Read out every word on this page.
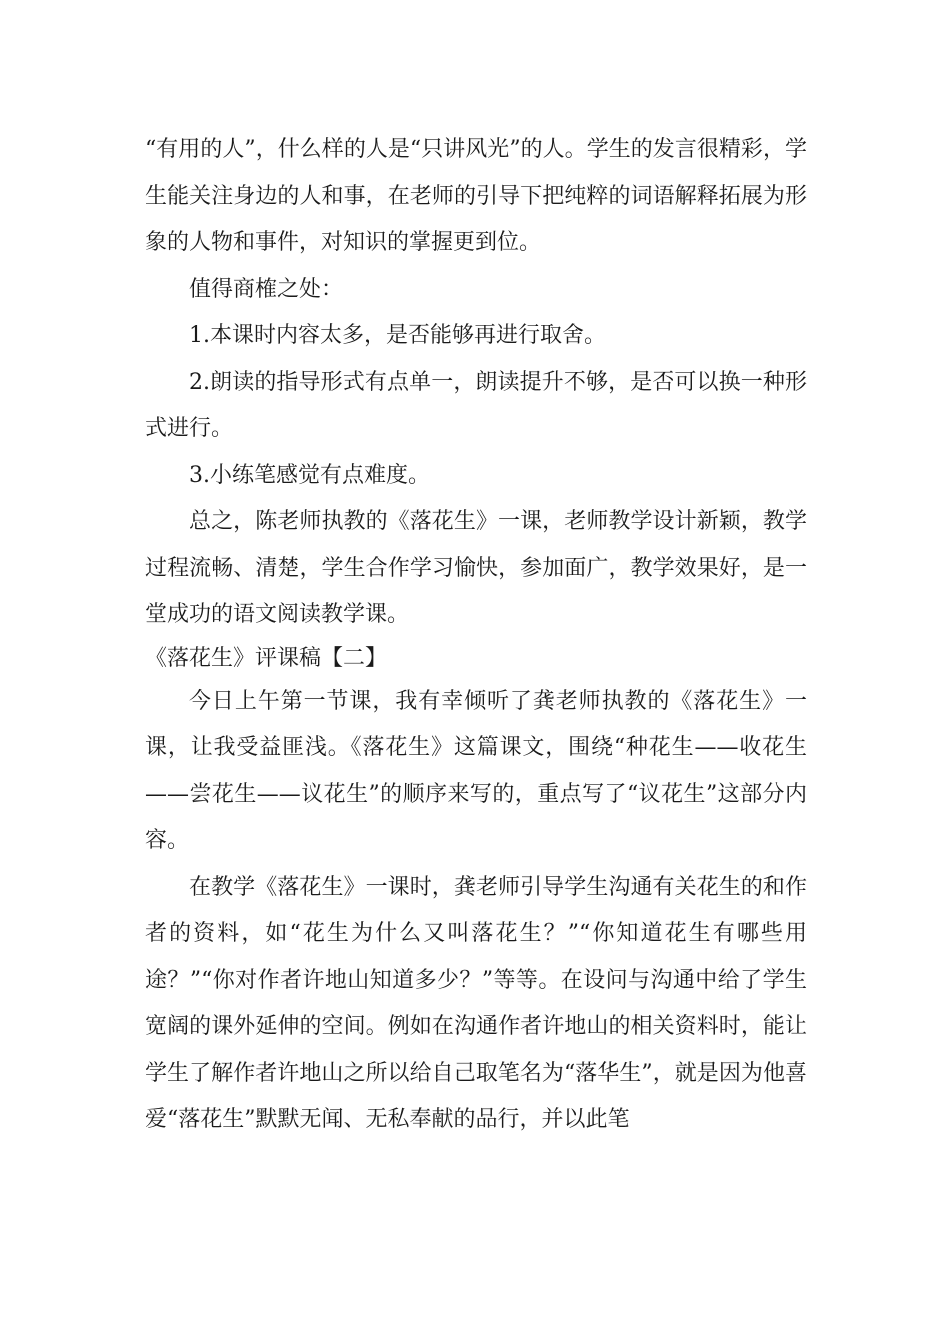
“有用的人”，什么样的人是“只讲风光”的人。学生的发言很精彩，学生能关注身边的人和事，在老师的引导下把纯粹的词语解释拓展为形象的人物和事件，对知识的掌握更到位。

值得商榷之处：

1.本课时内容太多，是否能够再进行取舍。

2.朗读的指导形式有点单一，朗读提升不够，是否可以换一种形式进行。

3.小练笔感觉有点难度。

总之，陈老师执教的《落花生》一课，老师教学设计新颖，教学过程流畅、清楚，学生合作学习愉快，参加面广，教学效果好，是一堂成功的语文阅读教学课。

《落花生》评课稿【二】

今日上午第一节课，我有幸倾听了龚老师执教的《落花生》一课，让我受益匪浅。《落花生》这篇课文，围绕“种花生——收花生——尝花生——议花生”的顺序来写的，重点写了“议花生”这部分内容。

在教学《落花生》一课时，龚老师引导学生沟通有关花生的和作者的资料，如“花生为什么又叫落花生？”“你知道花生有哪些用途？”“你对作者许地山知道多少？”等等。在设问与沟通中给了学生宽阔的课外延伸的空间。例如在沟通作者许地山的相关资料时，能让学生了解作者许地山之所以给自己取笔名为“落华生”，就是因为他喜爱“落花生”默默无闻、无私奉献的品行，并以此笔
